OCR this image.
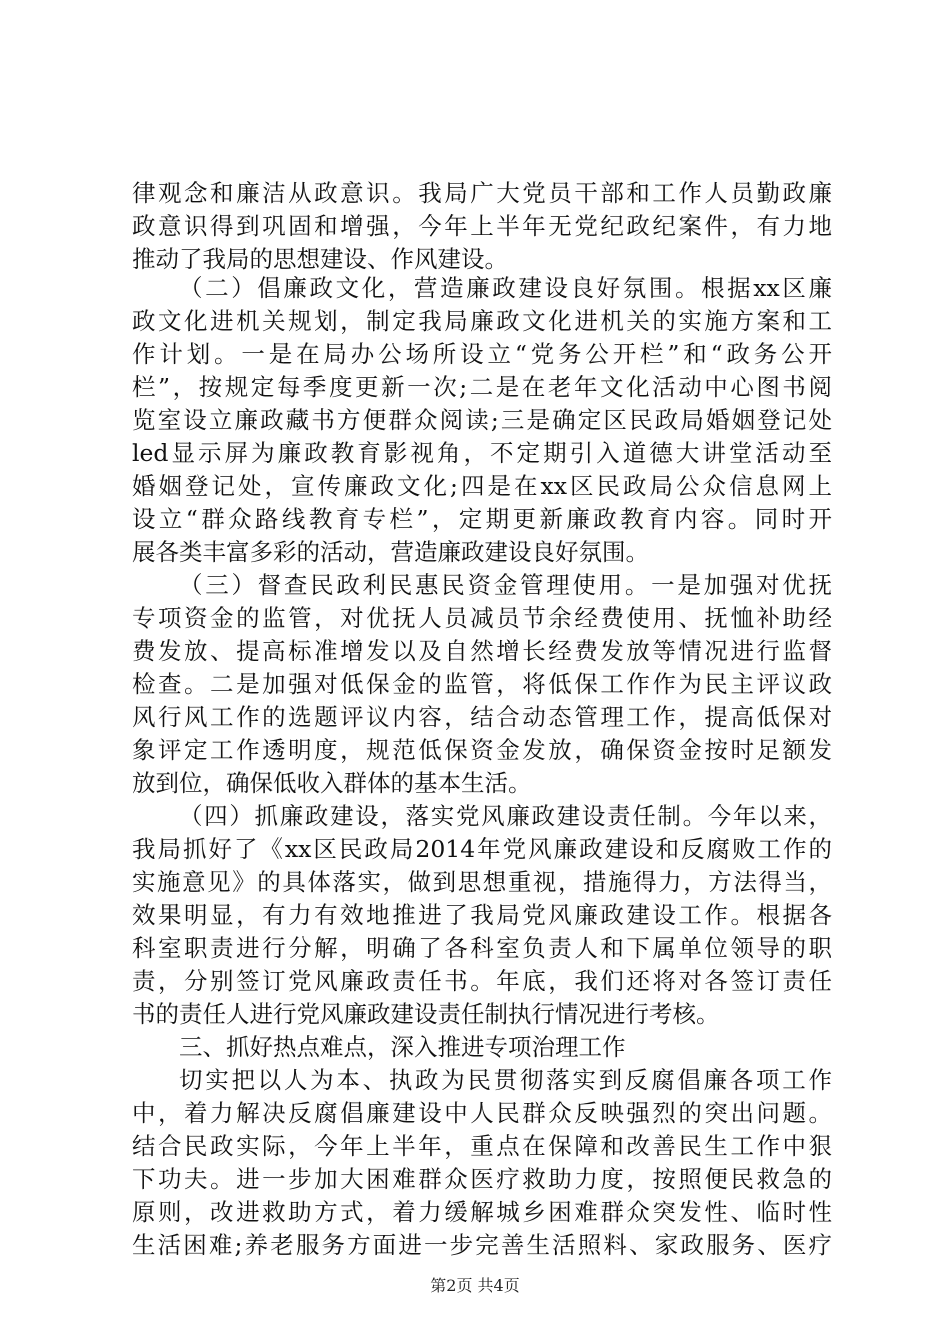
律观念和廉洁从政意识。我局广大党员干部和工作人员勤政廉
政意识得到巩固和增强，今年上半年无党纪政纪案件，有力地
推动了我局的思想建设、作风建设。
（二）倡廉政文化，营造廉政建设良好氛围。根据xx区廉
政文化进机关规划，制定我局廉政文化进机关的实施方案和工
作计划。一是在局办公场所设立“党务公开栏”和“政务公开
栏”，按规定每季度更新一次;二是在老年文化活动中心图书阅
览室设立廉政藏书方便群众阅读;三是确定区民政局婚姻登记处
led显示屏为廉政教育影视角，不定期引入道德大讲堂活动至
婚姻登记处，宣传廉政文化;四是在xx区民政局公众信息网上
设立“群众路线教育专栏”，定期更新廉政教育内容。同时开
展各类丰富多彩的活动，营造廉政建设良好氛围。
（三）督查民政利民惠民资金管理使用。一是加强对优抚
专项资金的监管，对优抚人员减员节余经费使用、抚恤补助经
费发放、提高标准增发以及自然增长经费发放等情况进行监督
检查。二是加强对低保金的监管，将低保工作作为民主评议政
风行风工作的选题评议内容，结合动态管理工作，提高低保对
象评定工作透明度，规范低保资金发放，确保资金按时足额发
放到位，确保低收入群体的基本生活。
（四）抓廉政建设，落实党风廉政建设责任制。今年以来，
我局抓好了《xx区民政局2014年党风廉政建设和反腐败工作的
实施意见》的具体落实，做到思想重视，措施得力，方法得当，
效果明显，有力有效地推进了我局党风廉政建设工作。根据各
科室职责进行分解，明确了各科室负责人和下属单位领导的职
责，分别签订党风廉政责任书。年底，我们还将对各签订责任
书的责任人进行党风廉政建设责任制执行情况进行考核。
三、抓好热点难点，深入推进专项治理工作
切实把以人为本、执政为民贯彻落实到反腐倡廉各项工作
中，着力解决反腐倡廉建设中人民群众反映强烈的突出问题。
结合民政实际，今年上半年，重点在保障和改善民生工作中狠
下功夫。进一步加大困难群众医疗救助力度，按照便民救急的
原则，改进救助方式，着力缓解城乡困难群众突发性、临时性
生活困难;养老服务方面进一步完善生活照料、家政服务、医疗
第2页 共4页
